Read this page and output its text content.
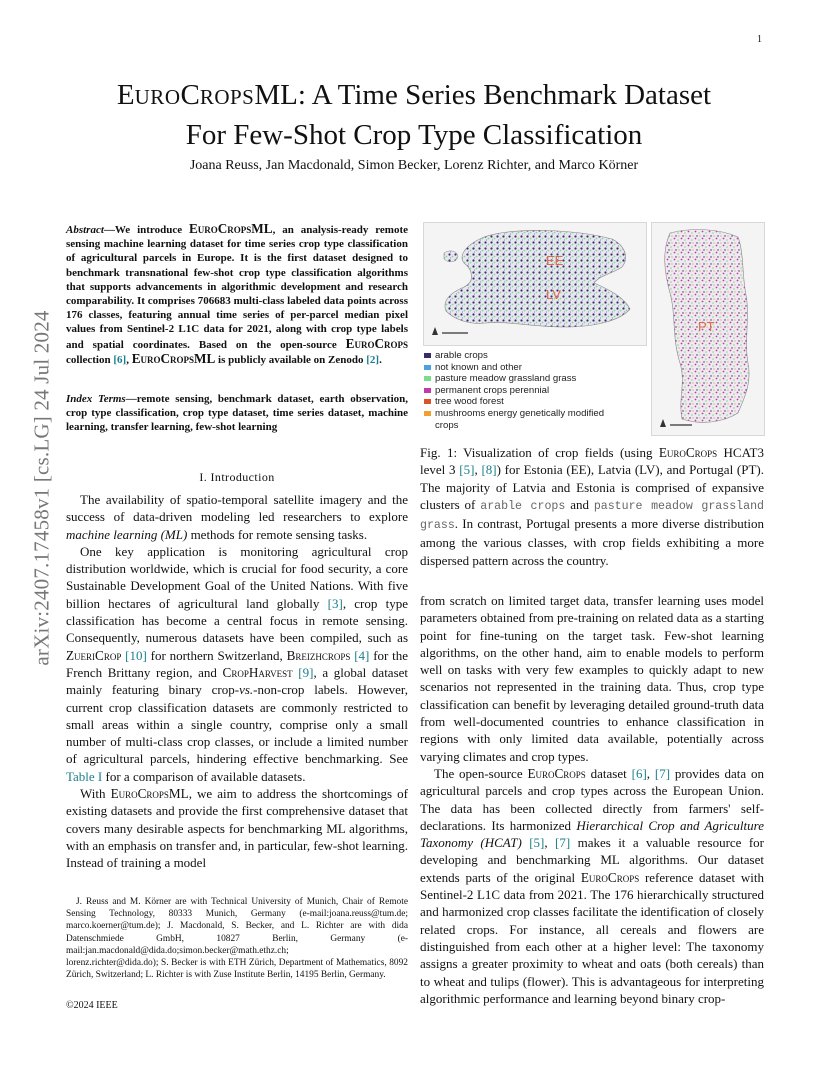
1
arXiv:2407.17458v1 [cs.LG] 24 Jul 2024
EUROCROPSML: A Time Series Benchmark Dataset
For Few-Shot Crop Type Classification
Joana Reuss, Jan Macdonald, Simon Becker, Lorenz Richter, and Marco Körner
Abstract—We introduce EuroCropsML, an analysis-ready remote sensing machine learning dataset for time series crop type classification of agricultural parcels in Europe. It is the first dataset designed to benchmark transnational few-shot crop type classification algorithms that supports advancements in algorithmic development and research comparability. It comprises 706683 multi-class labeled data points across 176 classes, featuring annual time series of per-parcel median pixel values from Sentinel-2 L1C data for 2021, along with crop type labels and spatial coordinates. Based on the open-source EuroCrops collection [6], EuroCropsML is publicly available on Zenodo [2].
Index Terms—remote sensing, benchmark dataset, earth observation, crop type classification, crop type dataset, time series dataset, machine learning, transfer learning, few-shot learning
I. Introduction

The availability of spatio-temporal satellite imagery and the success of data-driven modeling led researchers to explore machine learning (ML) methods for remote sensing tasks.

One key application is monitoring agricultural crop distribution worldwide, which is crucial for food security, a core Sustainable Development Goal of the United Nations. With five billion hectares of agricultural land globally [3], crop type classification has become a central focus in remote sensing. Consequently, numerous datasets have been compiled, such as ZueriCrop [10] for northern Switzerland, Breizhcrops [4] for the French Brittany region, and CropHarvest [9], a global dataset mainly featuring binary crop-vs.-non-crop labels. However, current crop classification datasets are commonly restricted to small areas within a single country, comprise only a small number of multi-class crop classes, or include a limited number of agricultural parcels, hindering effective benchmarking. See Table I for a comparison of available datasets.

With EuroCropsML, we aim to address the shortcomings of existing datasets and provide the first comprehensive dataset that covers many desirable aspects for benchmarking ML algorithms, with an emphasis on transfer and, in particular, few-shot learning. Instead of training a model

J. Reuss and M. Körner are with Technical University of Munich, Chair of Remote Sensing Technology, 80333 Munich, Germany (e-mail:joana.reuss@tum.de; marco.koerner@tum.de); J. Macdonald, S. Becker, and L. Richter are with dida Datenschmiede GmbH, 10827 Berlin, Germany (e-mail:jan.macdonald@dida.do;simon.becker@math.ethz.ch;
lorenz.richter@dida.do); S. Becker is with ETH Zürich, Department of Mathematics, 8092 Zürich, Switzerland; L. Richter is with Zuse Institute Berlin, 14195 Berlin, Germany.
©2024 IEEE
EE
LV
PT
arable crops
not known and other
pasture meadow grassland grass
permanent crops perennial
tree wood forest
mushrooms energy genetically modified crops
Fig. 1: Visualization of crop fields (using EuroCrops HCAT3 level 3 [5], [8]) for Estonia (EE), Latvia (LV), and Portugal (PT). The majority of Latvia and Estonia is comprised of expansive clusters of arable crops and pasture meadow grassland grass. In contrast, Portugal presents a more diverse distribution among the various classes, with crop fields exhibiting a more dispersed pattern across the country.

from scratch on limited target data, transfer learning uses model parameters obtained from pre-training on related data as a starting point for fine-tuning on the target task. Few-shot learning algorithms, on the other hand, aim to enable models to perform well on tasks with very few examples to quickly adapt to new scenarios not represented in the training data. Thus, crop type classification can benefit by leveraging detailed ground-truth data from well-documented countries to enhance classification in regions with only limited data available, potentially across varying climates and crop types.

The open-source EuroCrops dataset [6], [7] provides data on agricultural parcels and crop types across the European Union. The data has been collected directly from farmers' self-declarations. Its harmonized Hierarchical Crop and Agriculture Taxonomy (HCAT) [5], [7] makes it a valuable resource for developing and benchmarking ML algorithms. Our dataset extends parts of the original EuroCrops reference dataset with Sentinel-2 L1C data from 2021. The 176 hierarchically structured and harmonized crop classes facilitate the identification of closely related crops. For instance, all cereals and flowers are distinguished from each other at a higher level: The taxonomy assigns a greater proximity to wheat and oats (both cereals) than to wheat and tulips (flower). This is advantageous for interpreting algorithmic performance and learning beyond binary crop-
